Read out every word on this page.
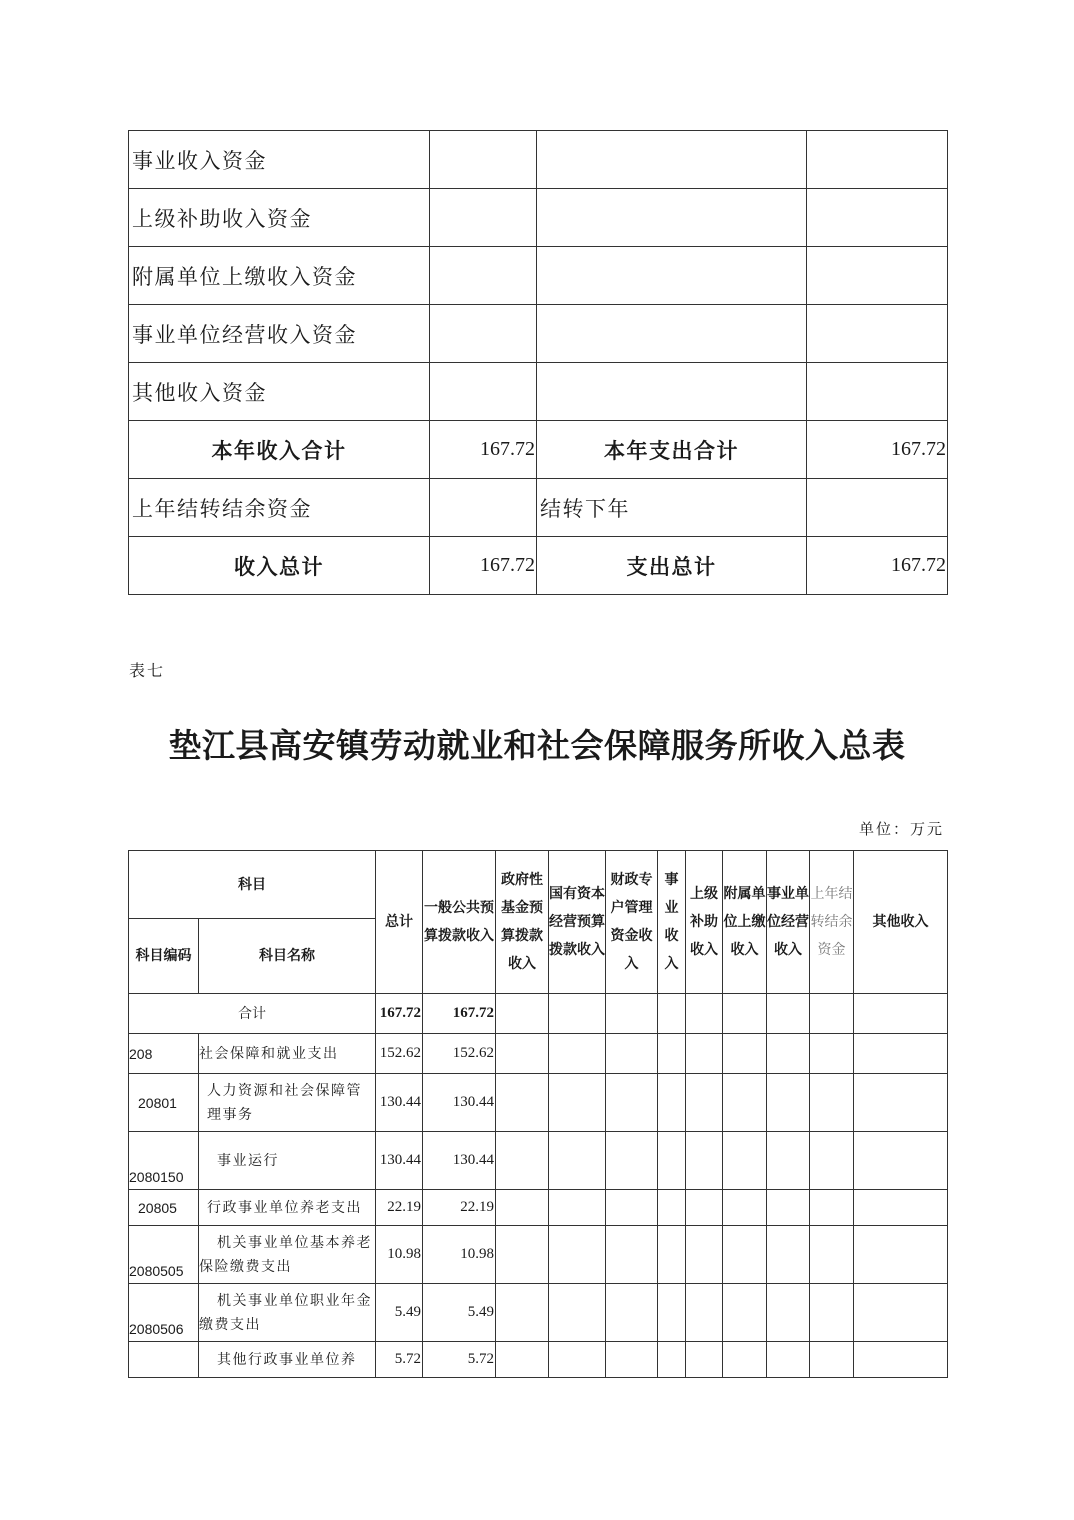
事业收入资金			
上级补助收入资金			
附属单位上缴收入资金			
事业单位经营收入资金			
其他收入资金			
本年收入合计	167.72	本年支出合计	167.72
上年结转结余资金		结转下年	
收入总计	167.72	支出总计	167.72
表七
垫江县高安镇劳动就业和社会保障服务所收入总表
单位：万元
科目		总计	一般公共预算拨款收入	政府性基金预算拨款收入	国有资本经营预算拨款收入	财政专户管理资金收入	事业收入	上级补助收入	附属单位上缴收入	事业单位经营收入	上年结转结余资金	其他收入
科目编码	科目名称											
合计		167.72	167.72									
208	社会保障和就业支出	152.62	152.62									
20801	人力资源和社会保障管理事务	130.44	130.44									
2080150	事业运行	130.44	130.44									
20805	行政事业单位养老支出	22.19	22.19									
2080505	机关事业单位基本养老保险缴费支出	10.98	10.98									
2080506	机关事业单位职业年金缴费支出	5.49	5.49									
	其他行政事业单位养	5.72	5.72									
